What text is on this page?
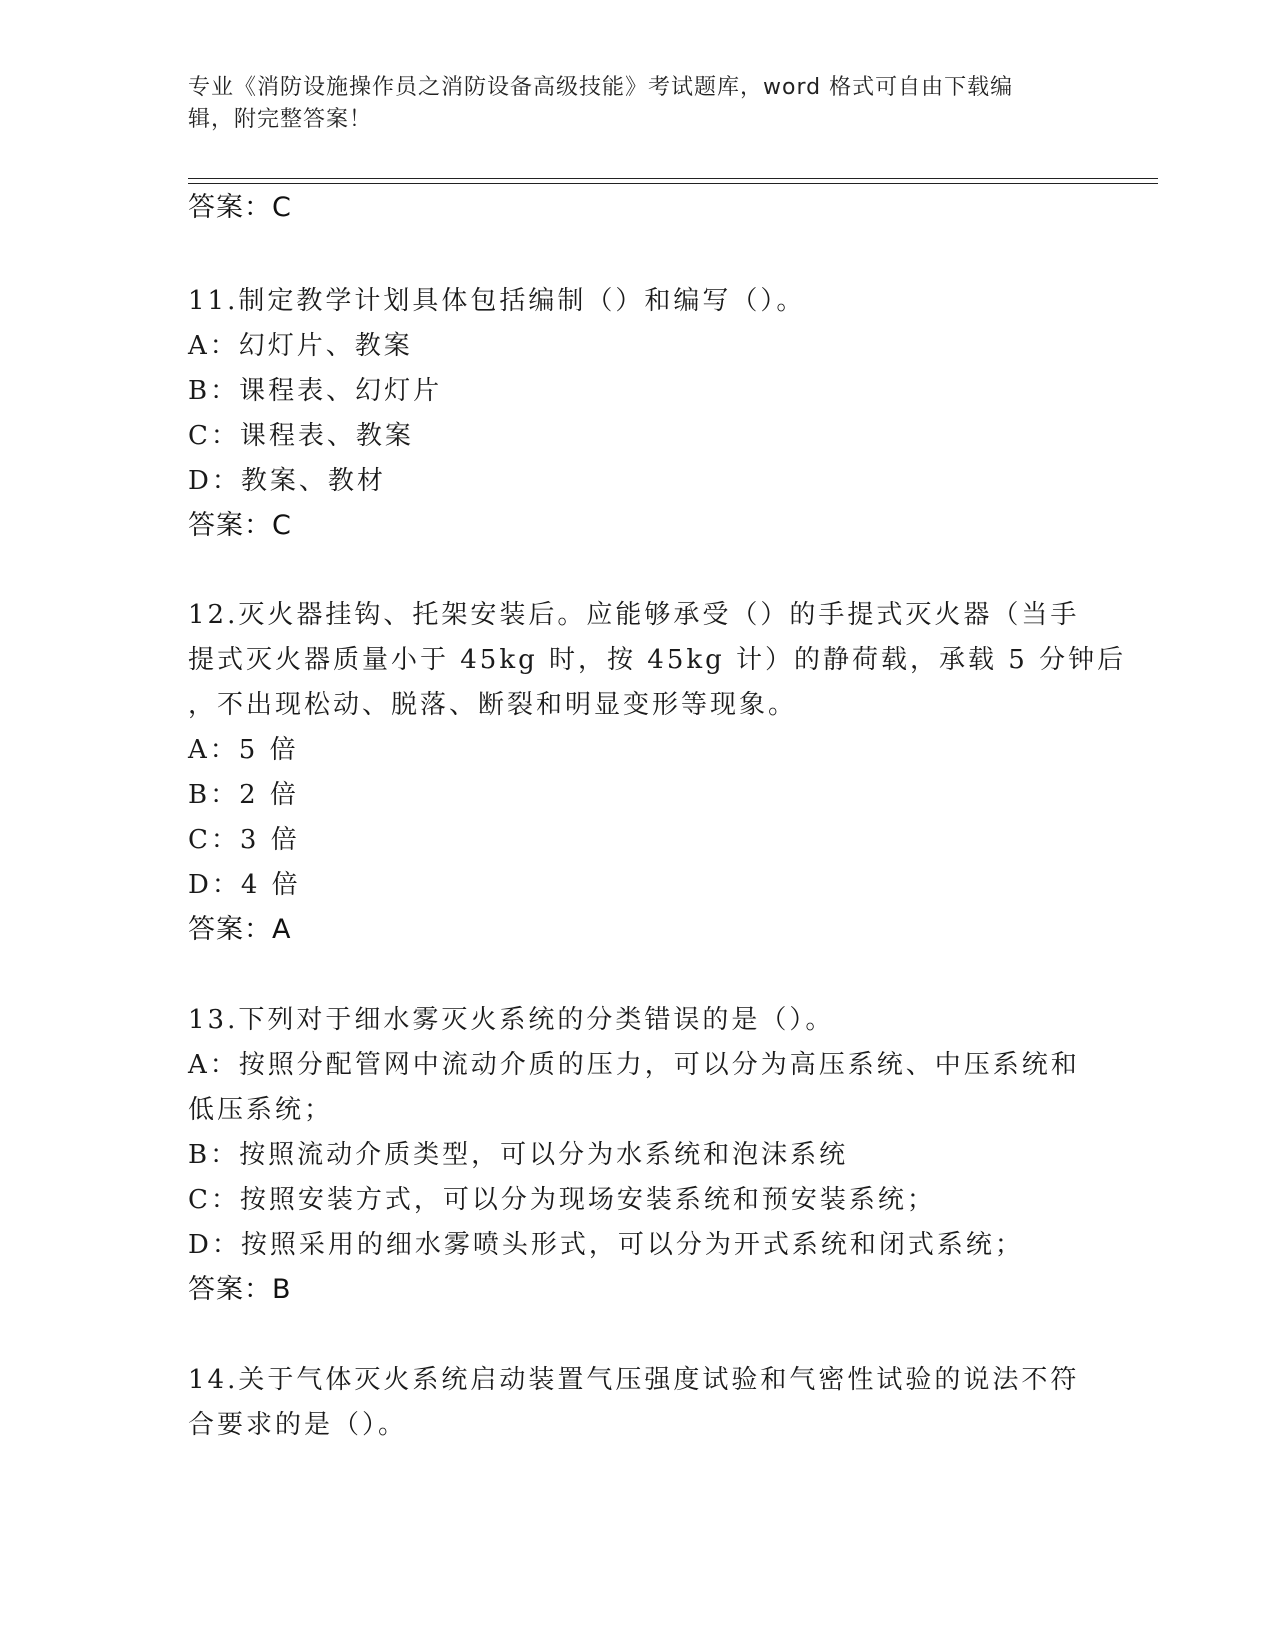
专业《消防设施操作员之消防设备高级技能》考试题库，word 格式可自由下载编
辑，附完整答案！
答案：C
11.制定教学计划具体包括编制（）和编写（）。
A：幻灯片、教案
B：课程表、幻灯片
C：课程表、教案
D：教案、教材
答案：C
12.灭火器挂钩、托架安装后。应能够承受（）的手提式灭火器（当手
提式灭火器质量小于 45kg 时，按 45kg 计）的静荷载，承载 5 分钟后
，不出现松动、脱落、断裂和明显变形等现象。
A：5 倍
B：2 倍
C：3 倍
D：4 倍
答案：A
13.下列对于细水雾灭火系统的分类错误的是（）。
A：按照分配管网中流动介质的压力，可以分为高压系统、中压系统和
低压系统；
B：按照流动介质类型，可以分为水系统和泡沫系统
C：按照安装方式，可以分为现场安装系统和预安装系统；
D：按照采用的细水雾喷头形式，可以分为开式系统和闭式系统；
答案：B
14.关于气体灭火系统启动装置气压强度试验和气密性试验的说法不符
合要求的是（）。
